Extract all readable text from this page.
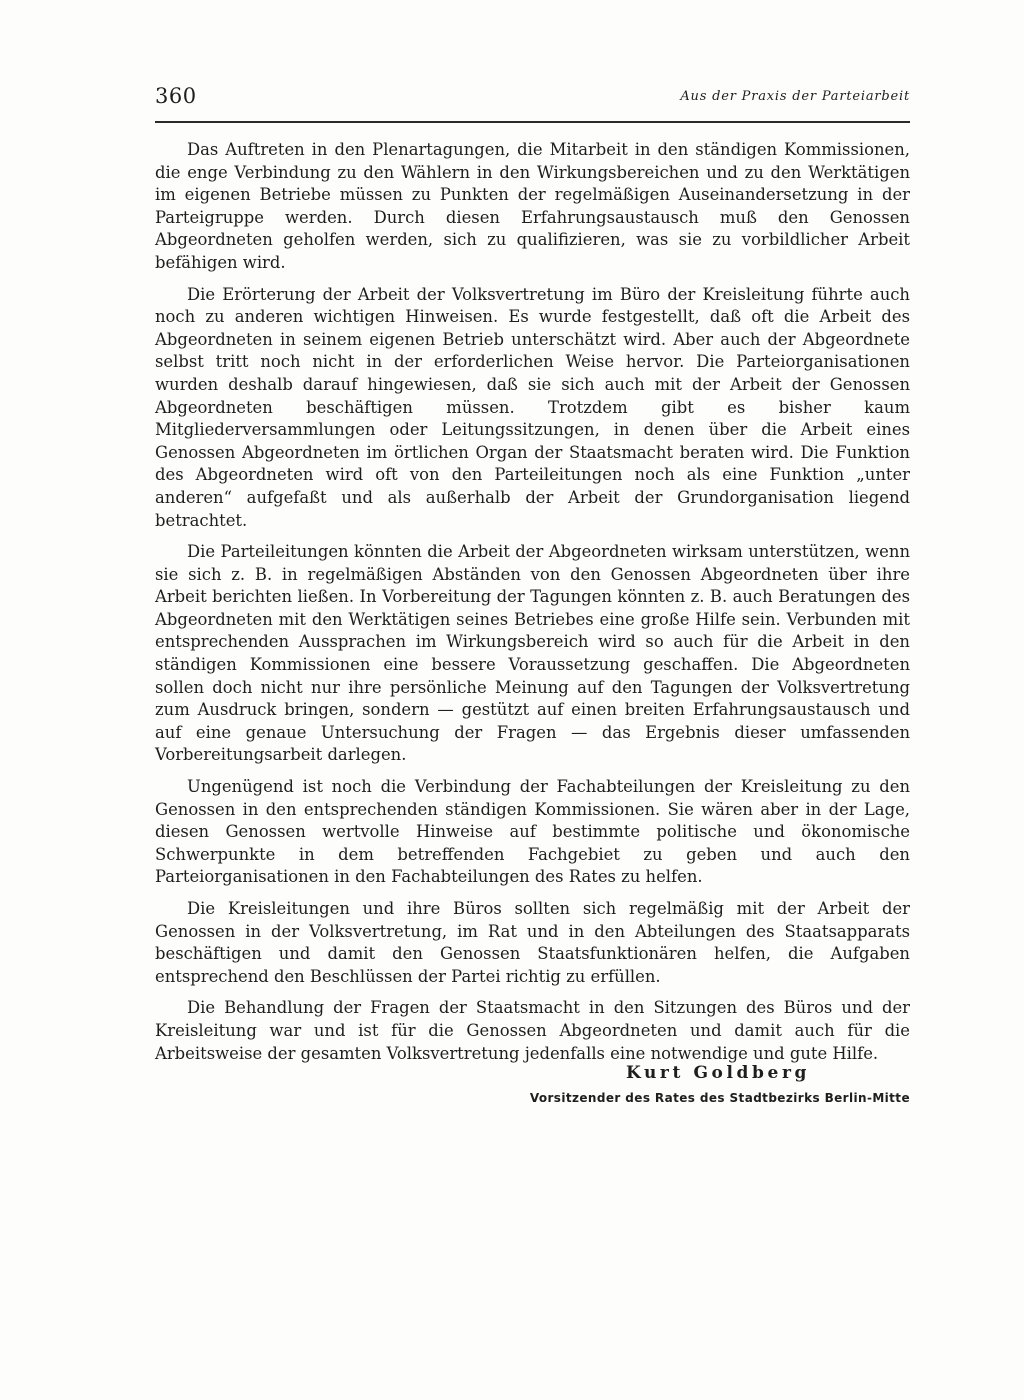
360	Aus der Praxis der Parteiarbeit

Das Auftreten in den Plenartagungen, die Mitarbeit in den ständigen Kommissionen, die enge Verbindung zu den Wählern in den Wirkungsbereichen und zu den Werktätigen im eigenen Betriebe müssen zu Punkten der regelmäßigen Auseinandersetzung in der Parteigruppe werden. Durch diesen Erfahrungsaustausch muß den Genossen Abgeordneten geholfen werden, sich zu qualifizieren, was sie zu vorbildlicher Arbeit befähigen wird.

Die Erörterung der Arbeit der Volksvertretung im Büro der Kreisleitung führte auch noch zu anderen wichtigen Hinweisen. Es wurde festgestellt, daß oft die Arbeit des Abgeordneten in seinem eigenen Betrieb unterschätzt wird. Aber auch der Abgeordnete selbst tritt noch nicht in der erforderlichen Weise hervor. Die Parteiorganisationen wurden deshalb darauf hingewiesen, daß sie sich auch mit der Arbeit der Genossen Abgeordneten beschäftigen müssen. Trotzdem gibt es bisher kaum Mitgliederversammlungen oder Leitungssitzungen, in denen über die Arbeit eines Genossen Abgeordneten im örtlichen Organ der Staatsmacht beraten wird. Die Funktion des Abgeordneten wird oft von den Parteileitungen noch als eine Funktion „unter anderen“ aufgefaßt und als außerhalb der Arbeit der Grundorganisation liegend betrachtet.

Die Parteileitungen könnten die Arbeit der Abgeordneten wirksam unterstützen, wenn sie sich z. B. in regelmäßigen Abständen von den Genossen Abgeordneten über ihre Arbeit berichten ließen. In Vorbereitung der Tagungen könnten z. B. auch Beratungen des Abgeordneten mit den Werktätigen seines Betriebes eine große Hilfe sein. Verbunden mit entsprechenden Aussprachen im Wirkungsbereich wird so auch für die Arbeit in den ständigen Kommissionen eine bessere Voraussetzung geschaffen. Die Abgeordneten sollen doch nicht nur ihre persönliche Meinung auf den Tagungen der Volksvertretung zum Ausdruck bringen, sondern — gestützt auf einen breiten Erfahrungsaustausch und auf eine genaue Untersuchung der Fragen — das Ergebnis dieser umfassenden Vorbereitungsarbeit darlegen.

Ungenügend ist noch die Verbindung der Fachabteilungen der Kreisleitung zu den Genossen in den entsprechenden ständigen Kommissionen. Sie wären aber in der Lage, diesen Genossen wertvolle Hinweise auf bestimmte politische und ökonomische Schwerpunkte in dem betreffenden Fachgebiet zu geben und auch den Parteiorganisationen in den Fachabteilungen des Rates zu helfen.

Die Kreisleitungen und ihre Büros sollten sich regelmäßig mit der Arbeit der Genossen in der Volksvertretung, im Rat und in den Abteilungen des Staatsapparats beschäftigen und damit den Genossen Staatsfunktionären helfen, die Aufgaben entsprechend den Beschlüssen der Partei richtig zu erfüllen.

Die Behandlung der Fragen der Staatsmacht in den Sitzungen des Büros und der Kreisleitung war und ist für die Genossen Abgeordneten und damit auch für die Arbeitsweise der gesamten Volksvertretung jedenfalls eine notwendige und gute Hilfe.

Kurt Goldberg
Vorsitzender des Rates des Stadtbezirks Berlin-Mitte
